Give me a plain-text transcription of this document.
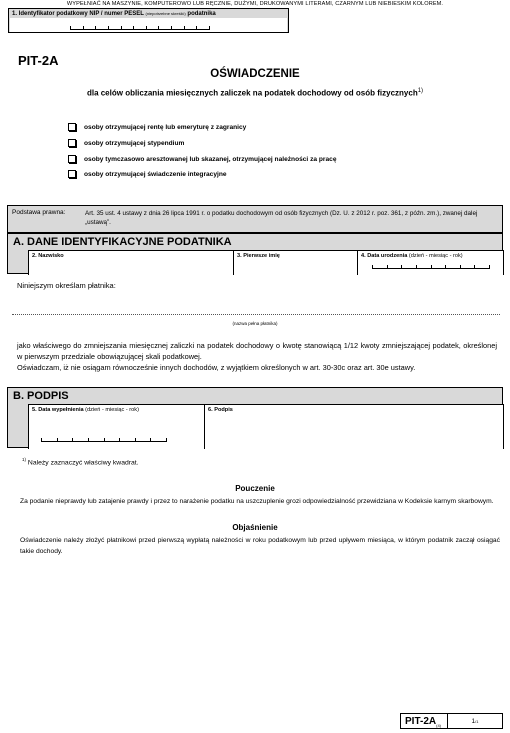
WYPEŁNIAĆ NA MASZYNIE, KOMPUTEROWO LUB RĘCZNIE, DUŻYMI, DRUKOWANYMI LITERAMI, CZARNYM LUB NIEBIESKIM KOLOREM.
1. Identyfikator podatkowy NIP / numer PESEL $^{(niepotrzebne skreślić)}$ podatnika
PIT-2A
OŚWIADCZENIE
dla celów obliczania miesięcznych zaliczek na podatek dochodowy od osób fizycznych$^{1)}$
osoby otrzymującej rentę lub emeryturę z zagranicy
osoby otrzymującej stypendium
osoby tymczasowo aresztowanej lub skazanej, otrzymującej należności za pracę
osoby otrzymującej świadczenie integracyjne
Podstawa prawna:	Art. 35 ust. 4 ustawy z dnia 26 lipca 1991 r. o podatku dochodowym od osób fizycznych (Dz. U. z 2012 r. poz. 361, z późn. zm.), zwanej dalej „ustawą”.
A. DANE IDENTYFIKACYJNE PODATNIKA
2. Nazwisko	3. Pierwsze imię	4. Data urodzenia (dzień - miesiąc - rok)
Niniejszym określam płatnika:
(nazwa pełna płatnika)
jako właściwego do zmniejszania miesięcznej zaliczki na podatek dochodowy o kwotę stanowiącą 1/12 kwoty zmniejszającej podatek, określonej w pierwszym przedziale obowiązującej skali podatkowej.
Oświadczam, iż nie osiągam równocześnie innych dochodów, z wyjątkiem określonych w art. 30-30c oraz art. 30e ustawy.
B. PODPIS
5. Data wypełnienia (dzień - miesiąc - rok)	6. Podpis
$^{1)}$ Należy zaznaczyć właściwy kwadrat.
Pouczenie
Za podanie nieprawdy lub zatajenie prawdy i przez to narażenie podatku na uszczuplenie grozi odpowiedzialność przewidziana w Kodeksie karnym skarbowym.
Objaśnienie
Oświadczenie należy złożyć płatnikowi przed pierwszą wypłatą należności w roku podatkowym lub przed upływem miesiąca, w którym podatnik zaczął osiągać takie dochody.
PIT-$2A_{(4)}$
1/1
